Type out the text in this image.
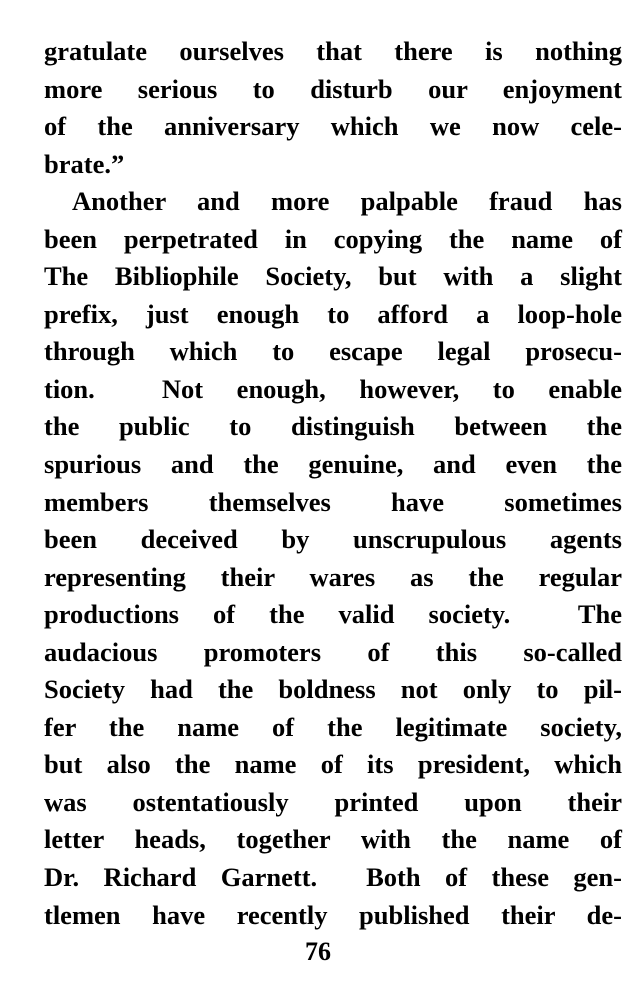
gratulate ourselves that there is nothing
more serious to disturb our enjoyment
of the anniversary which we now cele-
brate.”
Another and more palpable fraud has
been perpetrated in copying the name of
The Bibliophile Society, but with a slight
prefix, just enough to afford a loop-hole
through which to escape legal prosecu-
tion.  Not enough, however, to enable
the public to distinguish between the
spurious and the genuine, and even the
members themselves have sometimes
been deceived by unscrupulous agents
representing their wares as the regular
productions of the valid society.  The
audacious promoters of this so-called
Society had the boldness not only to pil-
fer the name of the legitimate society,
but also the name of its president, which
was ostentatiously printed upon their
letter heads, together with the name of
Dr. Richard Garnett.  Both of these gen-
tlemen have recently published their de-
76
